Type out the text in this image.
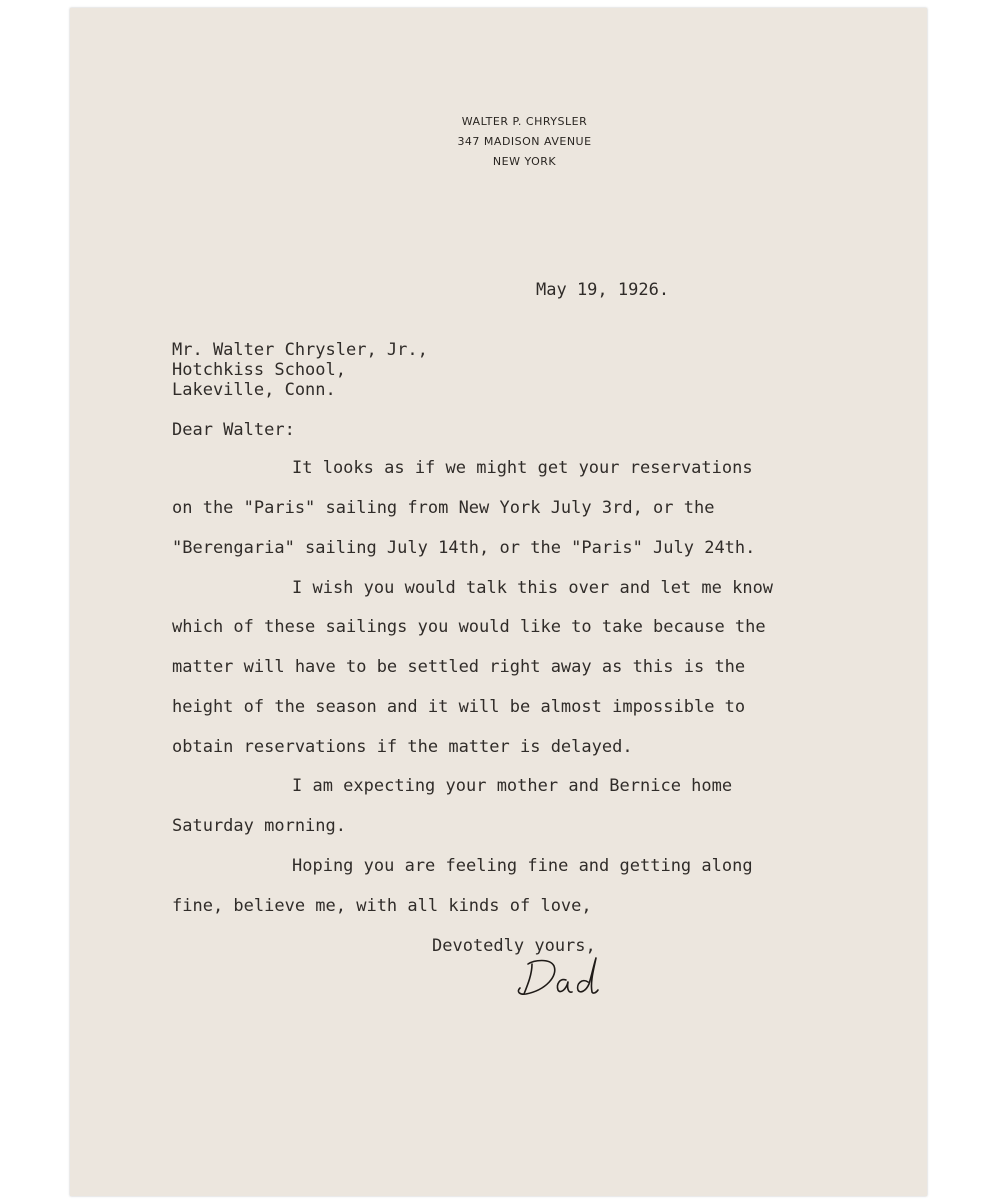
WALTER P. CHRYSLER
347 MADISON AVENUE
NEW YORK
May 19, 1926.
Mr. Walter Chrysler, Jr.,
Hotchkiss School,
Lakeville, Conn.
Dear Walter:
It looks as if we might get your reservations
on the "Paris" sailing from New York July 3rd, or the
"Berengaria" sailing July 14th, or the "Paris" July 24th.
I wish you would talk this over and let me know
which of these sailings you would like to take because the
matter will have to be settled right away as this is the
height of the season and it will be almost impossible to
obtain reservations if the matter is delayed.
I am expecting your mother and Bernice home
Saturday morning.
Hoping you are feeling fine and getting along
fine, believe me, with all kinds of love,
Devotedly yours,
